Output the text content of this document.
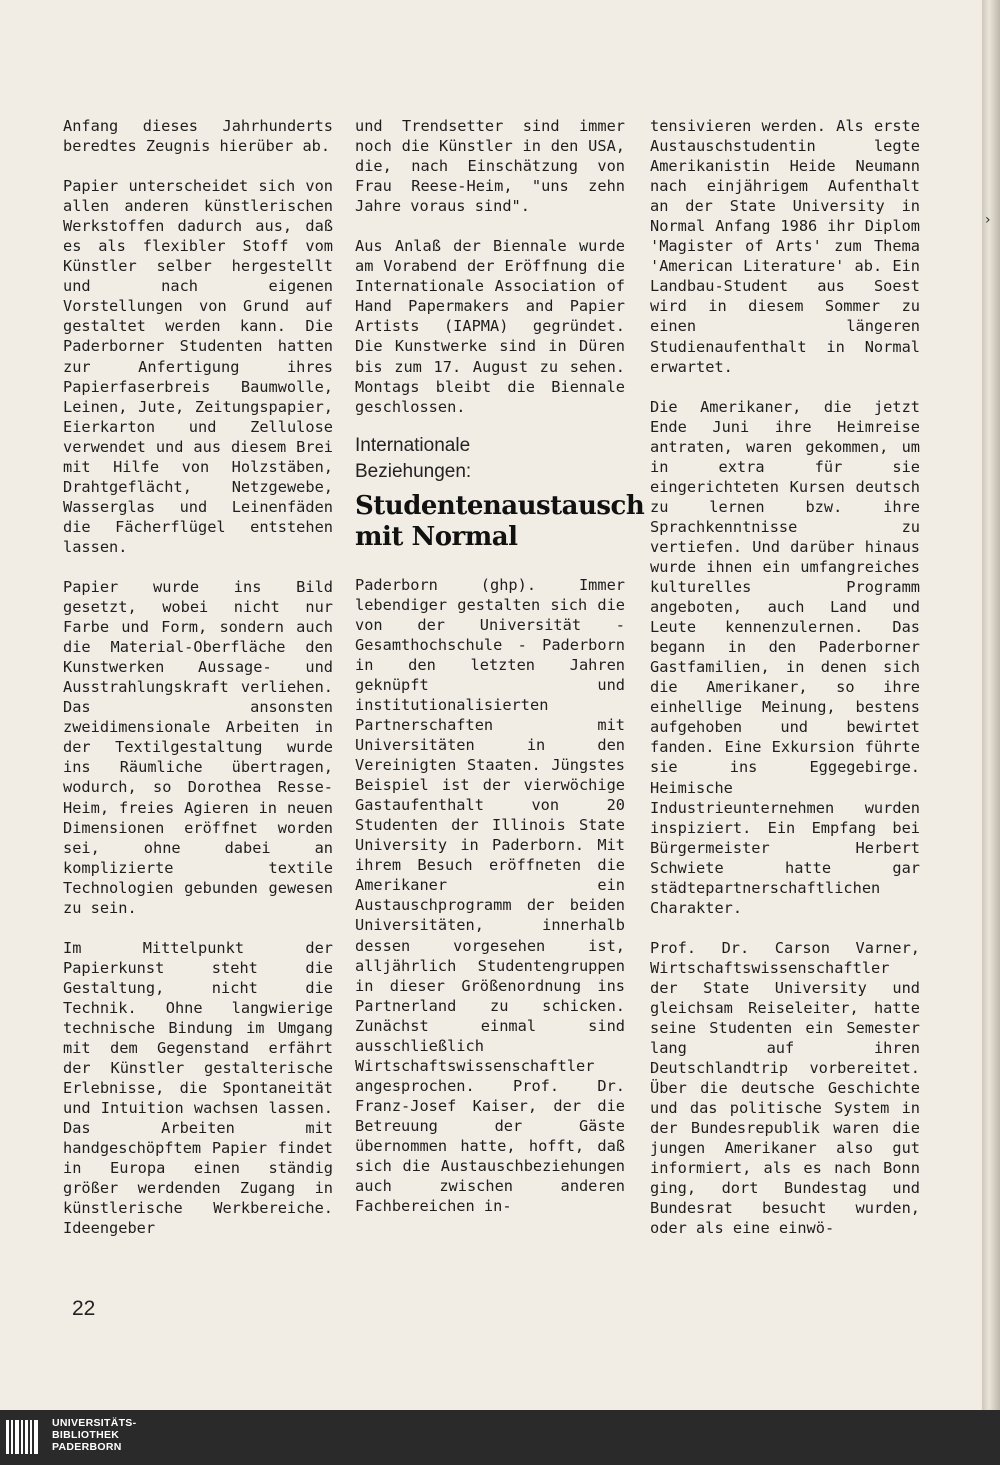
Anfang dieses Jahrhunderts beredtes Zeugnis hierüber ab.

Papier unterscheidet sich von allen anderen künstlerischen Werkstoffen dadurch aus, daß es als flexibler Stoff vom Künstler selber hergestellt und nach eigenen Vorstellungen von Grund auf gestaltet werden kann. Die Paderborner Studenten hatten zur Anfertigung ihres Papierfaserbreis Baumwolle, Leinen, Jute, Zeitungspapier, Eierkarton und Zellulose verwendet und aus diesem Brei mit Hilfe von Holzstäben, Drahtgeflächt, Netzgewebe, Wasserglas und Leinenfäden die Fächerflügel entstehen lassen.

Papier wurde ins Bild gesetzt, wobei nicht nur Farbe und Form, sondern auch die Material-Oberfläche den Kunstwerken Aussage- und Ausstrahlungskraft verliehen. Das ansonsten zweidimensionale Arbeiten in der Textilgestaltung wurde ins Räumliche übertragen, wodurch, so Dorothea Resse-Heim, freies Agieren in neuen Dimensionen eröffnet worden sei, ohne dabei an komplizierte textile Technologien gebunden gewesen zu sein.

Im Mittelpunkt der Papierkunst steht die Gestaltung, nicht die Technik. Ohne langwierige technische Bindung im Umgang mit dem Gegenstand erfährt der Künstler gestalterische Erlebnisse, die Spontaneität und Intuition wachsen lassen. Das Arbeiten mit handgeschöpftem Papier findet in Europa einen ständig größer werdenden Zugang in künstlerische Werkbereiche. Ideengeber

und Trendsetter sind immer noch die Künstler in den USA, die, nach Einschätzung von Frau Reese-Heim, "uns zehn Jahre voraus sind".

Aus Anlaß der Biennale wurde am Vorabend der Eröffnung die Internationale Association of Hand Papermakers and Papier Artists (IAPMA) gegründet. Die Kunstwerke sind in Düren bis zum 17. August zu sehen. Montags bleibt die Biennale geschlossen.

Internationale Beziehungen:
Studentenaustausch mit Normal

Paderborn (ghp). Immer lebendiger gestalten sich die von der Universität - Gesamthochschule - Paderborn in den letzten Jahren geknüpft und institutionalisierten Partnerschaften mit Universitäten in den Vereinigten Staaten. Jüngstes Beispiel ist der vierwöchige Gastaufenthalt von 20 Studenten der Illinois State University in Paderborn. Mit ihrem Besuch eröffneten die Amerikaner ein Austauschprogramm der beiden Universitäten, innerhalb dessen vorgesehen ist, alljährlich Studentengruppen in dieser Größenordnung ins Partnerland zu schicken. Zunächst einmal sind ausschließlich Wirtschaftswissenschaftler angesprochen. Prof. Dr. Franz-Josef Kaiser, der die Betreuung der Gäste übernommen hatte, hofft, daß sich die Austauschbeziehungen auch zwischen anderen Fachbereichen in-

tensivieren werden. Als erste Austauschstudentin legte Amerikanistin Heide Neumann nach einjährigem Aufenthalt an der State University in Normal Anfang 1986 ihr Diplom 'Magister of Arts' zum Thema 'American Literature' ab. Ein Landbau-Student aus Soest wird in diesem Sommer zu einen längeren Studienaufenthalt in Normal erwartet.

Die Amerikaner, die jetzt Ende Juni ihre Heimreise antraten, waren gekommen, um in extra für sie eingerichteten Kursen deutsch zu lernen bzw. ihre Sprachkenntnisse zu vertiefen. Und darüber hinaus wurde ihnen ein umfangreiches kulturelles Programm angeboten, auch Land und Leute kennenzulernen. Das begann in den Paderborner Gastfamilien, in denen sich die Amerikaner, so ihre einhellige Meinung, bestens aufgehoben und bewirtet fanden. Eine Exkursion führte sie ins Eggegebirge. Heimische Industrieunternehmen wurden inspiziert. Ein Empfang bei Bürgermeister Herbert Schwiete hatte gar städtepartnerschaftlichen Charakter.

Prof. Dr. Carson Varner, Wirtschaftswissenschaftler der State University und gleichsam Reiseleiter, hatte seine Studenten ein Semester lang auf ihren Deutschlandtrip vorbereitet. Über die deutsche Geschichte und das politische System in der Bundesrepublik waren die jungen Amerikaner also gut informiert, als es nach Bonn ging, dort Bundestag und Bundesrat besucht wurden, oder als eine einwö-

22
›
UNIVERSITÄTS-
BIBLIOTHEK
PADERBORN
